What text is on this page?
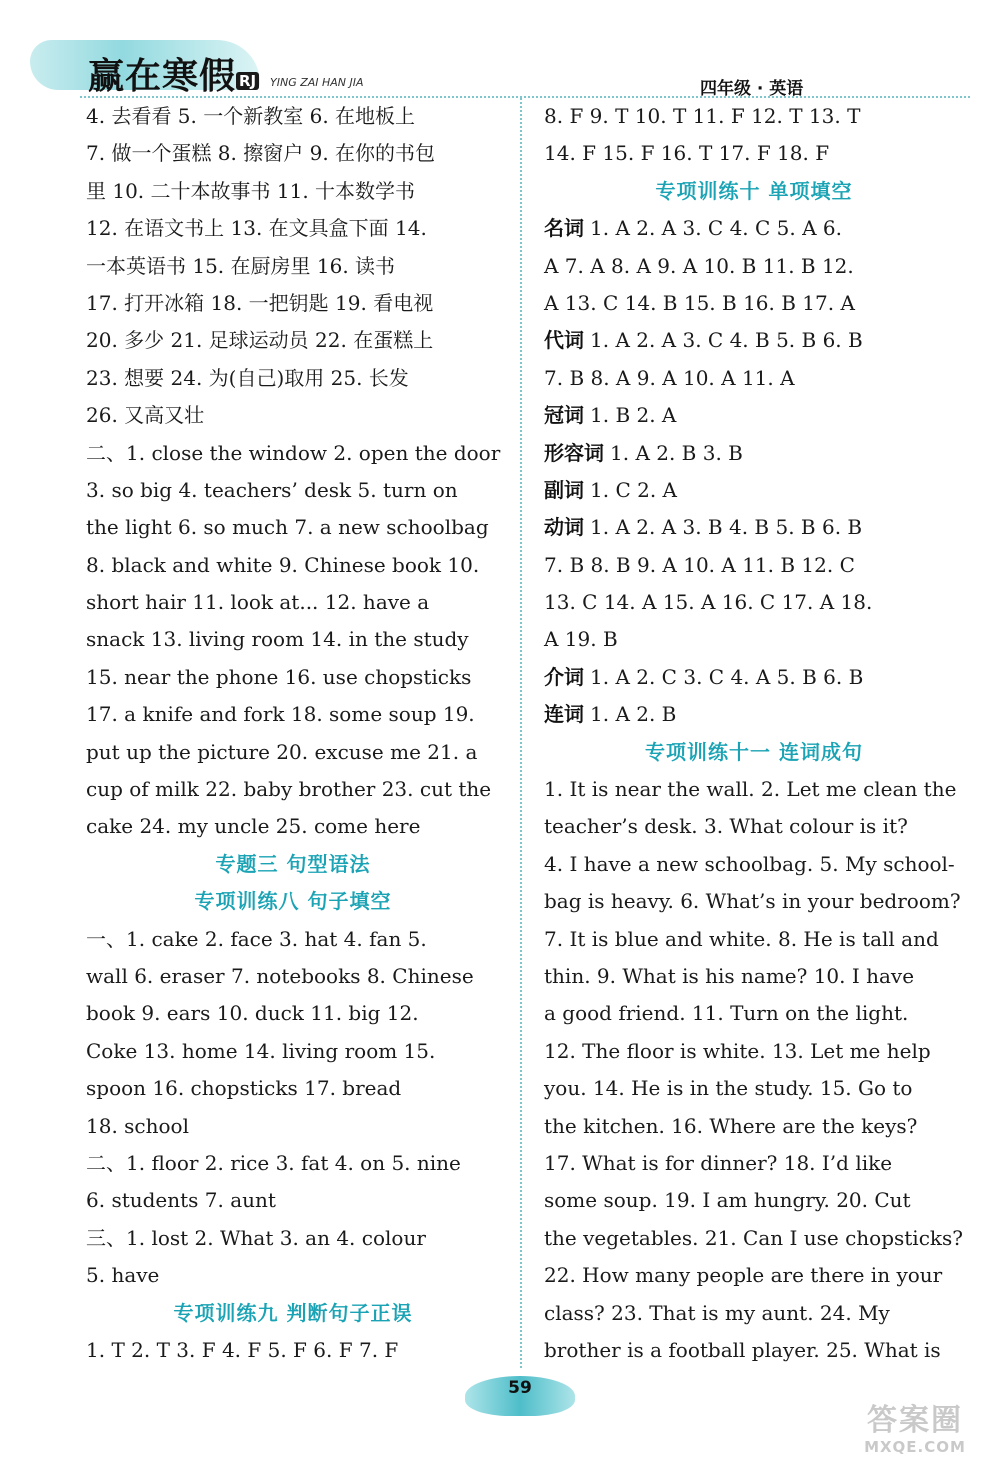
赢在寒假 RJ YING ZAI HAN JIA	四年级 · 英语
4. 去看看 5. 一个新教室 6. 在地板上
7. 做一个蛋糕 8. 擦窗户 9. 在你的书包
里 10. 二十本故事书 11. 十本数学书
12. 在语文书上 13. 在文具盒下面 14.
一本英语书 15. 在厨房里 16. 读书
17. 打开冰箱 18. 一把钥匙 19. 看电视
20. 多少 21. 足球运动员 22. 在蛋糕上
23. 想要 24. 为(自己)取用 25. 长发
26. 又高又壮
二、1. close the window 2. open the door
3. so big 4. teachers’ desk 5. turn on
the light 6. so much 7. a new schoolbag
8. black and white 9. Chinese book 10.
short hair 11. look at... 12. have a
snack 13. living room 14. in the study
15. near the phone 16. use chopsticks
17. a knife and fork 18. some soup 19.
put up the picture 20. excuse me 21. a
cup of milk 22. baby brother 23. cut the
cake 24. my uncle 25. come here
专题三 句型语法
专项训练八 句子填空
一、1. cake 2. face 3. hat 4. fan 5.
wall 6. eraser 7. notebooks 8. Chinese
book 9. ears 10. duck 11. big 12.
Coke 13. home 14. living room 15.
spoon 16. chopsticks 17. bread
18. school
二、1. floor 2. rice 3. fat 4. on 5. nine
6. students 7. aunt
三、1. lost 2. What 3. an 4. colour
5. have
专项训练九 判断句子正误
1. T 2. T 3. F 4. F 5. F 6. F 7. F
8. F 9. T 10. T 11. F 12. T 13. T
14. F 15. F 16. T 17. F 18. F
专项训练十 单项填空
名词 1. A 2. A 3. C 4. C 5. A 6.
A 7. A 8. A 9. A 10. B 11. B 12.
A 13. C 14. B 15. B 16. B 17. A
代词 1. A 2. A 3. C 4. B 5. B 6. B
7. B 8. A 9. A 10. A 11. A
冠词 1. B 2. A
形容词 1. A 2. B 3. B
副词 1. C 2. A
动词 1. A 2. A 3. B 4. B 5. B 6. B
7. B 8. B 9. A 10. A 11. B 12. C
13. C 14. A 15. A 16. C 17. A 18.
A 19. B
介词 1. A 2. C 3. C 4. A 5. B 6. B
连词 1. A 2. B
专项训练十一 连词成句
1. It is near the wall. 2. Let me clean the
teacher’s desk. 3. What colour is it?
4. I have a new schoolbag. 5. My school-
bag is heavy. 6. What’s in your bedroom?
7. It is blue and white. 8. He is tall and
thin. 9. What is his name? 10. I have
a good friend. 11. Turn on the light.
12. The floor is white. 13. Let me help
you. 14. He is in the study. 15. Go to
the kitchen. 16. Where are the keys?
17. What is for dinner? 18. I’d like
some soup. 19. I am hungry. 20. Cut
the vegetables. 21. Can I use chopsticks?
22. How many people are there in your
class? 23. That is my aunt. 24. My
brother is a football player. 25. What is
59
答案圈
MXQE.COM
